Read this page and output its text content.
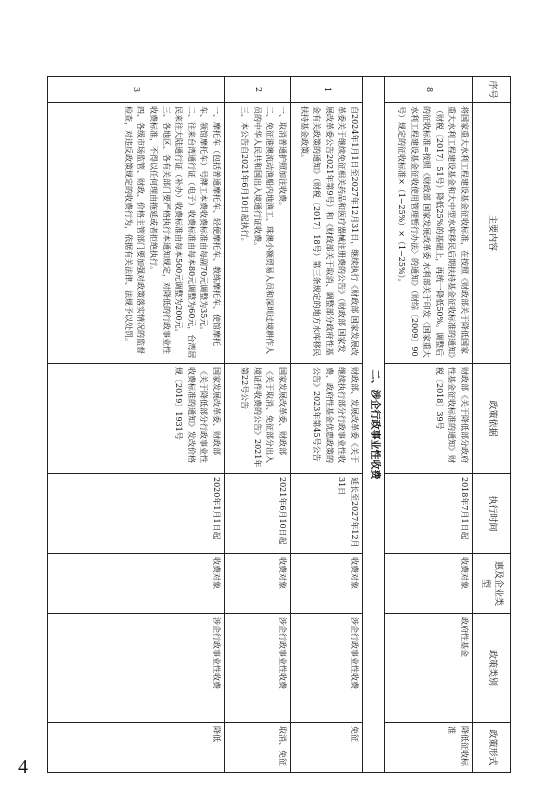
序号	主要内容	政策依据	执行时间	惠及企业类型	政策类别	政策形式
8	将国家重大水利工程建设基金征收标准，在按照《财政部关于降低国家重大水利工程建设基金和大中型水库移民后期扶持基金征收标准的通知》（财税〔2017〕51号）降低25%的基础上，再统一降低50%。调整后的征收标准=按照《财政部 国家发展改革委 水利部关于印发〈国家重大水利工程建设基金征收使用管理暂行办法〉的通知》（财综〔2009〕90号）规定的征收标准×（1−25%）×（1−25%）。	财政部《关于降低部分政府性基金征收标准的通知》财税〔2018〕39号	2018年7月1日起	收费对象	政府性基金	降低征收标准
二、涉企行政事业性收费						
1	自2024年1月1日至2027年12月31日，继续执行《财政部 国家发展改革委关于继续免征相关药品和医疗器械注册费的公告》（财政部 国家发展改革委公告2021年第9号）和《财政部关于取消、调整部分政府性基金有关政策的通知》（财税〔2017〕18号）第三条规定的地方水库移民扶持基金政策。	财政部、发展改革委《关于继续执行部分行政事业性收费、政府性基金优惠政策的公告》2023年第45号公告	延长至2027年12月31日	收费对象	涉企行政事业性收费	免征
2	一、取消普通护照加注收费。

二、免征港澳流动渔船内地渔工、珠澳小额贸易人员和深圳过境耕作人员的中华人民共和国出入境通行证收费。

三、本公告自2021年6月10日起执行。	国家发展改革委、财政部《关于取消、免征部分出入境证件收费的公告》2021年第22号公告	2021年6月10日起	收费对象	涉企行政事业性收费	取消、免征
3	一、摩托车（包括普通摩托车、轻便摩托车、教练摩托车、使馆摩托车、领馆摩托车）号牌工本费收费标准由每副70元调整为35元。

二、往来台湾通行证（电子）收费标准由每本80元调整为60元，台湾居民来往大陆通行证（补办）收费标准由每本500元调整为200元。

三、各地区、各有关部门要严格执行本通知规定，对降低的行政事业性收费标准，不得以任何理由拖延或者拒绝执行。

四、各级市场监管、财政、价格主管部门要加强对政策落实情况的监督检查，对违反政策规定的收费行为，依据有关法律、法规予以处罚。	国家发展改革委、财政部《关于降低部分行政事业性收费标准的通知》发改价格规〔2019〕1931号	2020年1月1日起	收费对象	涉企行政事业性收费	降低
4
